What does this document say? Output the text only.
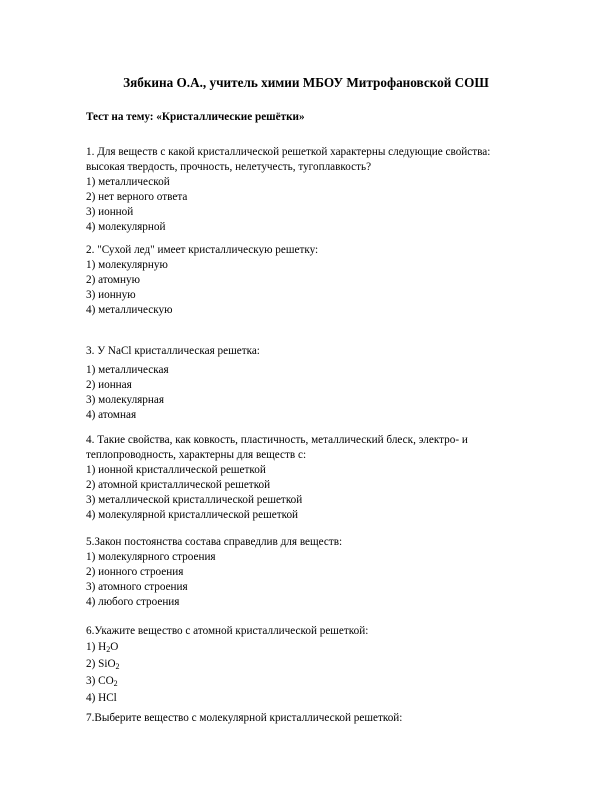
Зябкина О.А., учитель химии МБОУ Митрофановской СОШ
Тест на тему: «Кристаллические решётки»
1. Для веществ с какой кристаллической решеткой характерны следующие свойства: высокая твердость, прочность, нелетучесть, тугоплавкость?
1) металлической
2) нет верного ответа
3) ионной
4) молекулярной
2. "Сухой лед" имеет кристаллическую решетку:
1) молекулярную
2) атомную
3) ионную
4) металлическую
3. У NaCl кристаллическая решетка:
1) металлическая
2) ионная
3) молекулярная
4) атомная
4. Такие свойства, как ковкость, пластичность, металлический блеск, электро- и теплопроводность, характерны для веществ с:
1) ионной кристаллической решеткой
2) атомной кристаллической решеткой
3) металлической кристаллической решеткой
4) молекулярной кристаллической решеткой
5.Закон постоянства состава справедлив для веществ:
1) молекулярного строения
2) ионного строения
3) атомного строения
4) любого строения
6.Укажите вещество с атомной кристаллической решеткой:
1) $H_2O$
2) SiO$_2$
3) $CO_2$
4) HCl
7.Выберите вещество с молекулярной кристаллической решеткой:
